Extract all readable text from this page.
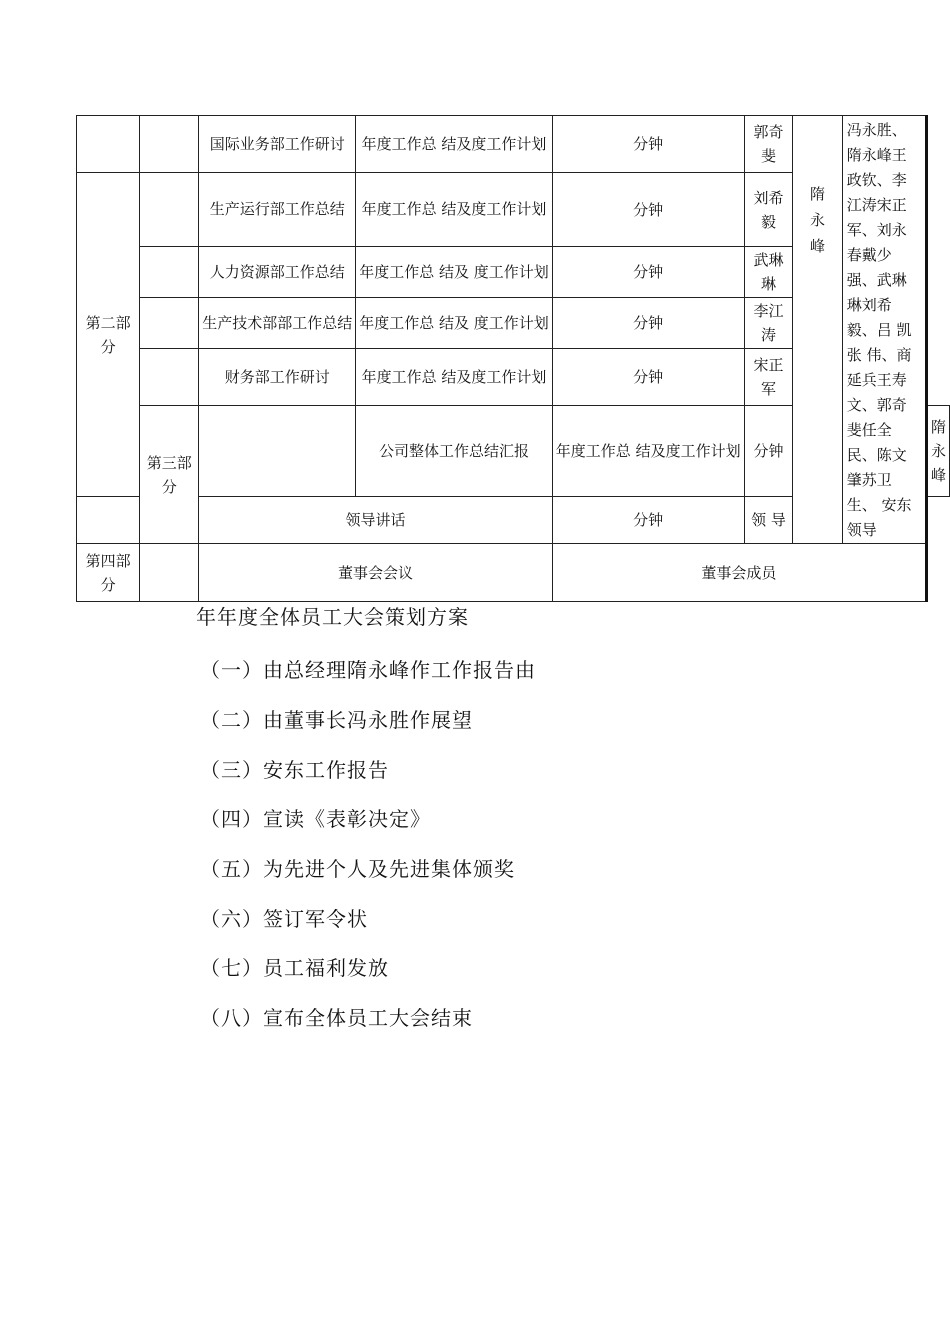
		国际业务部工作研讨	年度工作总 结及度工作计划	分钟	郭奇斐	隋永峰	冯永胜、隋永峰王政钦、李江涛宋正军、刘永春戴少强、武琳琳刘希毅、吕 凯张 伟、商延兵王寿文、郭奇斐任全民、陈文肇苏卫生、 安东领导	

第二部分		生产运行部工作总结	年度工作总 结及度工作计划	分钟	刘希毅			

		人力资源部工作总结	年度工作总 结及 度工作计划	分钟	武琳琳			

		生产技术部部工作总结	年度工作总 结及 度工作计划	分钟	李江涛			

		财务部工作研讨	年度工作总 结及度工作计划	分钟	宋正军			

	第三部分		公司整体工作总结汇报	年度工作总 结及度工作计划	分钟			隋永峰
		领导讲话		分钟	领 导			

第四部分		董事会会议		董事会成员				
年年度全体员工大会策划方案
（一）由总经理隋永峰作工作报告由
（二）由董事长冯永胜作展望
（三）安东工作报告
（四）宣读《表彰决定》
（五）为先进个人及先进集体颁奖
（六）签订军令状
（七）员工福利发放
（八）宣布全体员工大会结束
